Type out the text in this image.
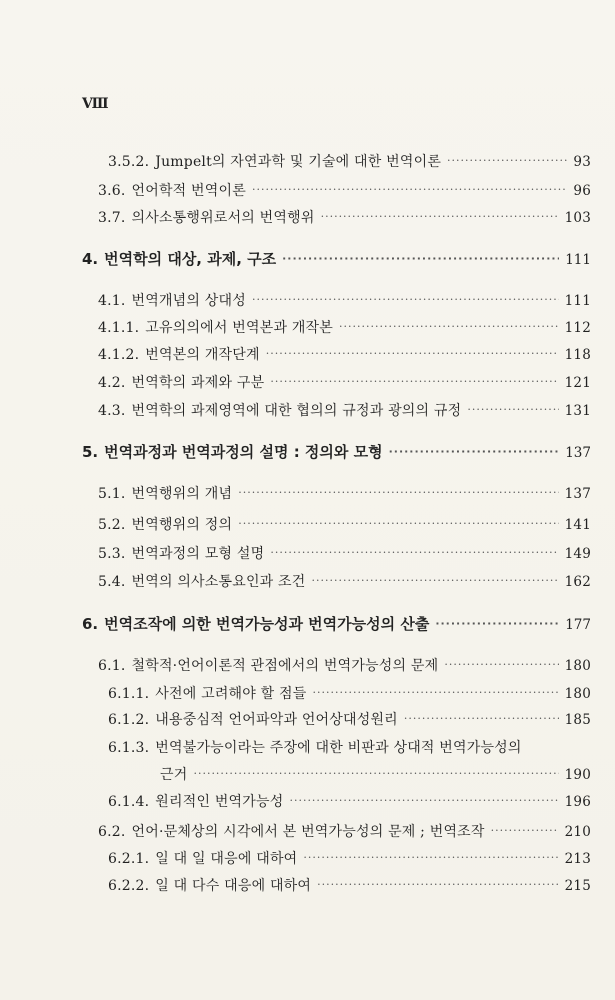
Ⅷ
3.5.2. Jumpelt의 자연과학 및 기술에 대한 번역이론 ·····	93
3.6. 언어학적 번역이론 ·····	96
3.7. 의사소통행위로서의 번역행위 ·····	103
4. 번역학의 대상, 과제, 구조 ·····	111
4.1. 번역개념의 상대성 ·····	111
4.1.1. 고유의의에서 번역본과 개작본 ·····	112
4.1.2. 번역본의 개작단계 ·····	118
4.2. 번역학의 과제와 구분 ·····	121
4.3. 번역학의 과제영역에 대한 협의의 규정과 광의의 규정 ·····	131
5. 번역과정과 번역과정의 설명 : 정의와 모형 ·····	137
5.1. 번역행위의 개념 ·····	137
5.2. 번역행위의 정의 ·····	141
5.3. 번역과정의 모형 설명 ·····	149
5.4. 번역의 의사소통요인과 조건 ·····	162
6. 번역조작에 의한 번역가능성과 번역가능성의 산출 ·····	177
6.1. 철학적·언어이론적 관점에서의 번역가능성의 문제 ·····	180
6.1.1. 사전에 고려해야 할 점들 ·····	180
6.1.2. 내용중심적 언어파악과 언어상대성원리 ·····	185
6.1.3. 번역불가능이라는 주장에 대한 비판과 상대적 번역가능성의
근거 ·····	190
6.1.4. 원리적인 번역가능성 ·····	196
6.2. 언어·문체상의 시각에서 본 번역가능성의 문제 ; 번역조작 ·····	210
6.2.1. 일 대 일 대응에 대하여 ·····	213
6.2.2. 일 대 다수 대응에 대하여 ·····	215
